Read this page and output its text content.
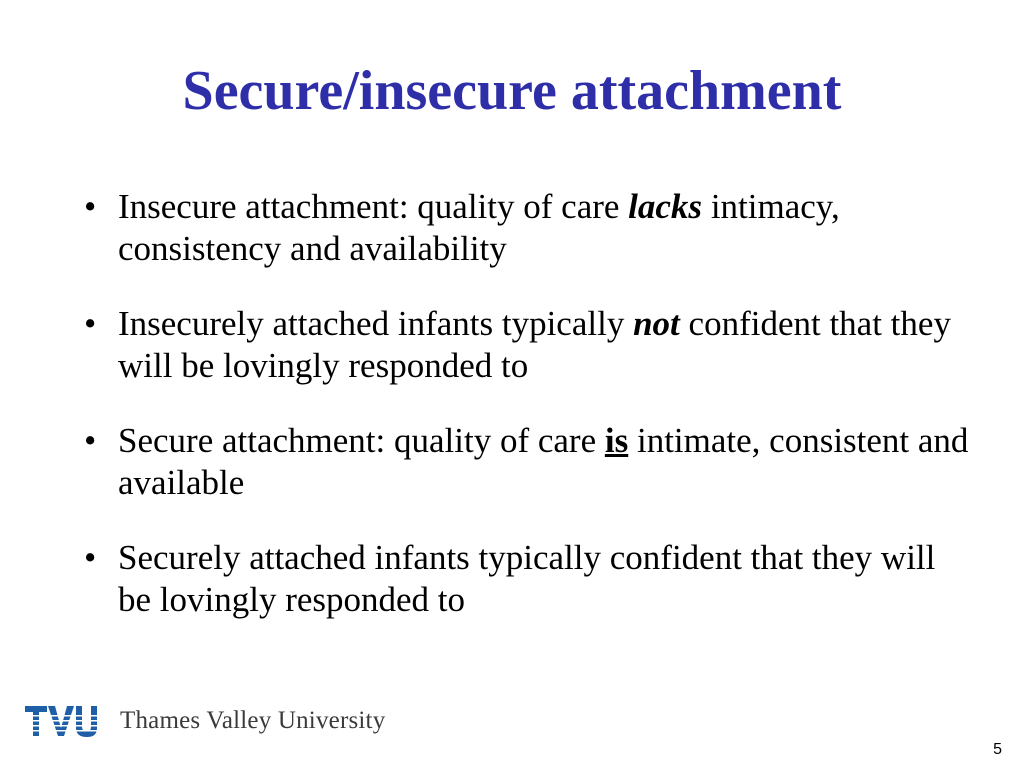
Secure/insecure attachment
• Insecure attachment: quality of care lacks intimacy, consistency and availability
• Insecurely attached infants typically not confident that they will be lovingly responded to
• Secure attachment: quality of care is intimate, consistent and available
• Securely attached infants typically confident that they will be lovingly responded to
Thames Valley University
5
